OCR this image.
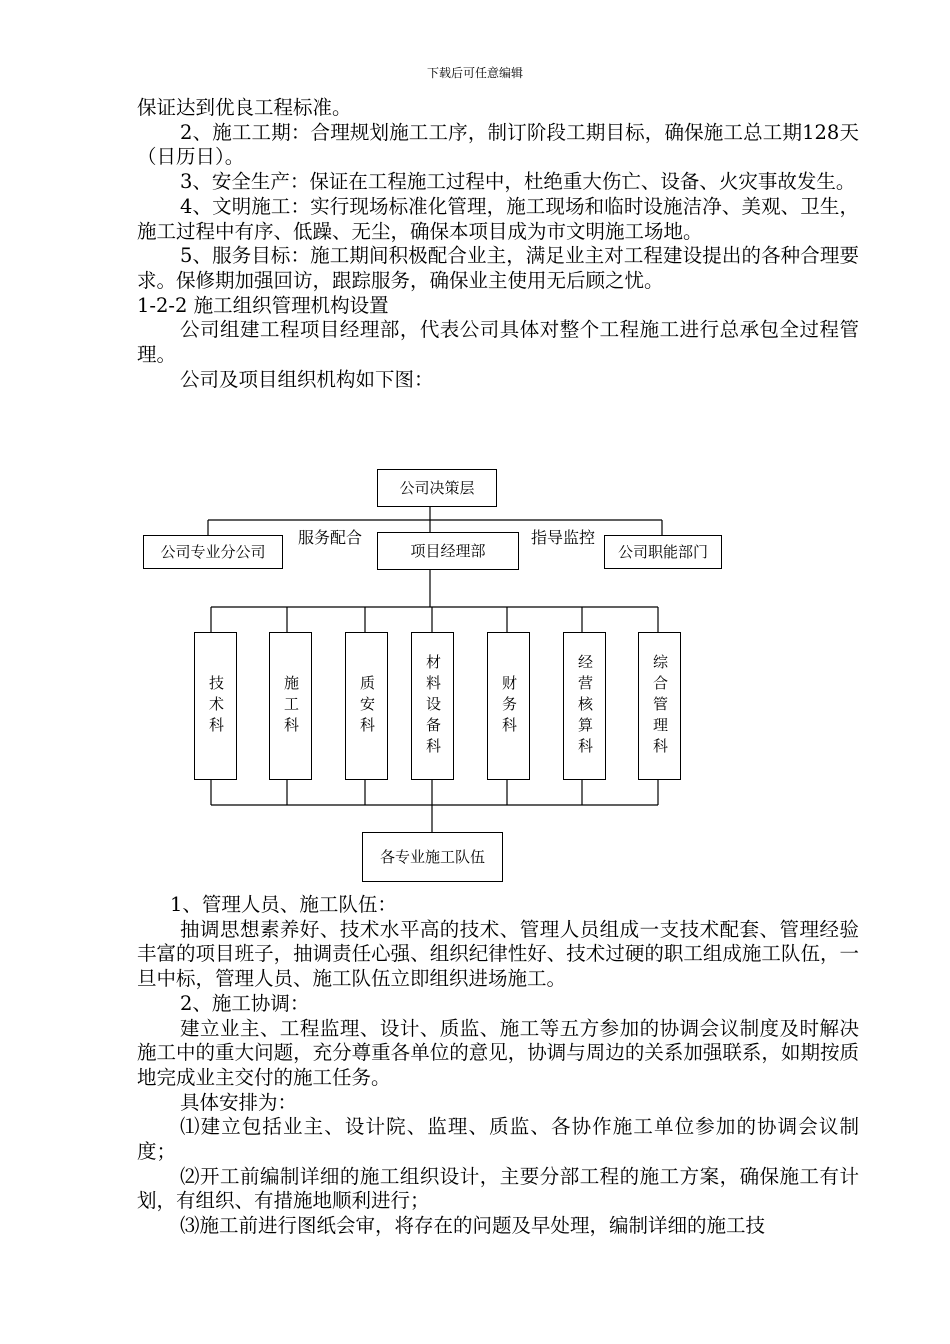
下载后可任意编辑

保证达到优良工程标准。

2、施工工期：合理规划施工工序，制订阶段工期目标，确保施工总工期128天（日历日）。

3、安全生产：保证在工程施工过程中，杜绝重大伤亡、设备、火灾事故发生。

4、文明施工：实行现场标准化管理，施工现场和临时设施洁净、美观、卫生，施工过程中有序、低躁、无尘，确保本项目成为市文明施工场地。

5、服务目标：施工期间积极配合业主，满足业主对工程建设提出的各种合理要求。保修期加强回访，跟踪服务，确保业主使用无后顾之忧。

1-2-2 施工组织管理机构设置

公司组建工程项目经理部，代表公司具体对整个工程施工进行总承包全过程管理。

公司及项目组织机构如下图：

公司决策层
公司专业分公司	项目经理部	公司职能部门
服务配合	指导监控
技术科	施工科	质安科	材料设备科	财务科	经营核算科	综合管理科
各专业施工队伍

1、管理人员、施工队伍：

抽调思想素养好、技术水平高的技术、管理人员组成一支技术配套、管理经验丰富的项目班子，抽调责任心强、组织纪律性好、技术过硬的职工组成施工队伍，一旦中标，管理人员、施工队伍立即组织进场施工。

2、施工协调：

建立业主、工程监理、设计、质监、施工等五方参加的协调会议制度及时解决施工中的重大问题，充分尊重各单位的意见，协调与周边的关系加强联系，如期按质地完成业主交付的施工任务。

具体安排为：

⑴建立包括业主、设计院、监理、质监、各协作施工单位参加的协调会议制度；

⑵开工前编制详细的施工组织设计，主要分部工程的施工方案，确保施工有计划，有组织、有措施地顺利进行；

⑶施工前进行图纸会审，将存在的问题及早处理，编制详细的施工技
